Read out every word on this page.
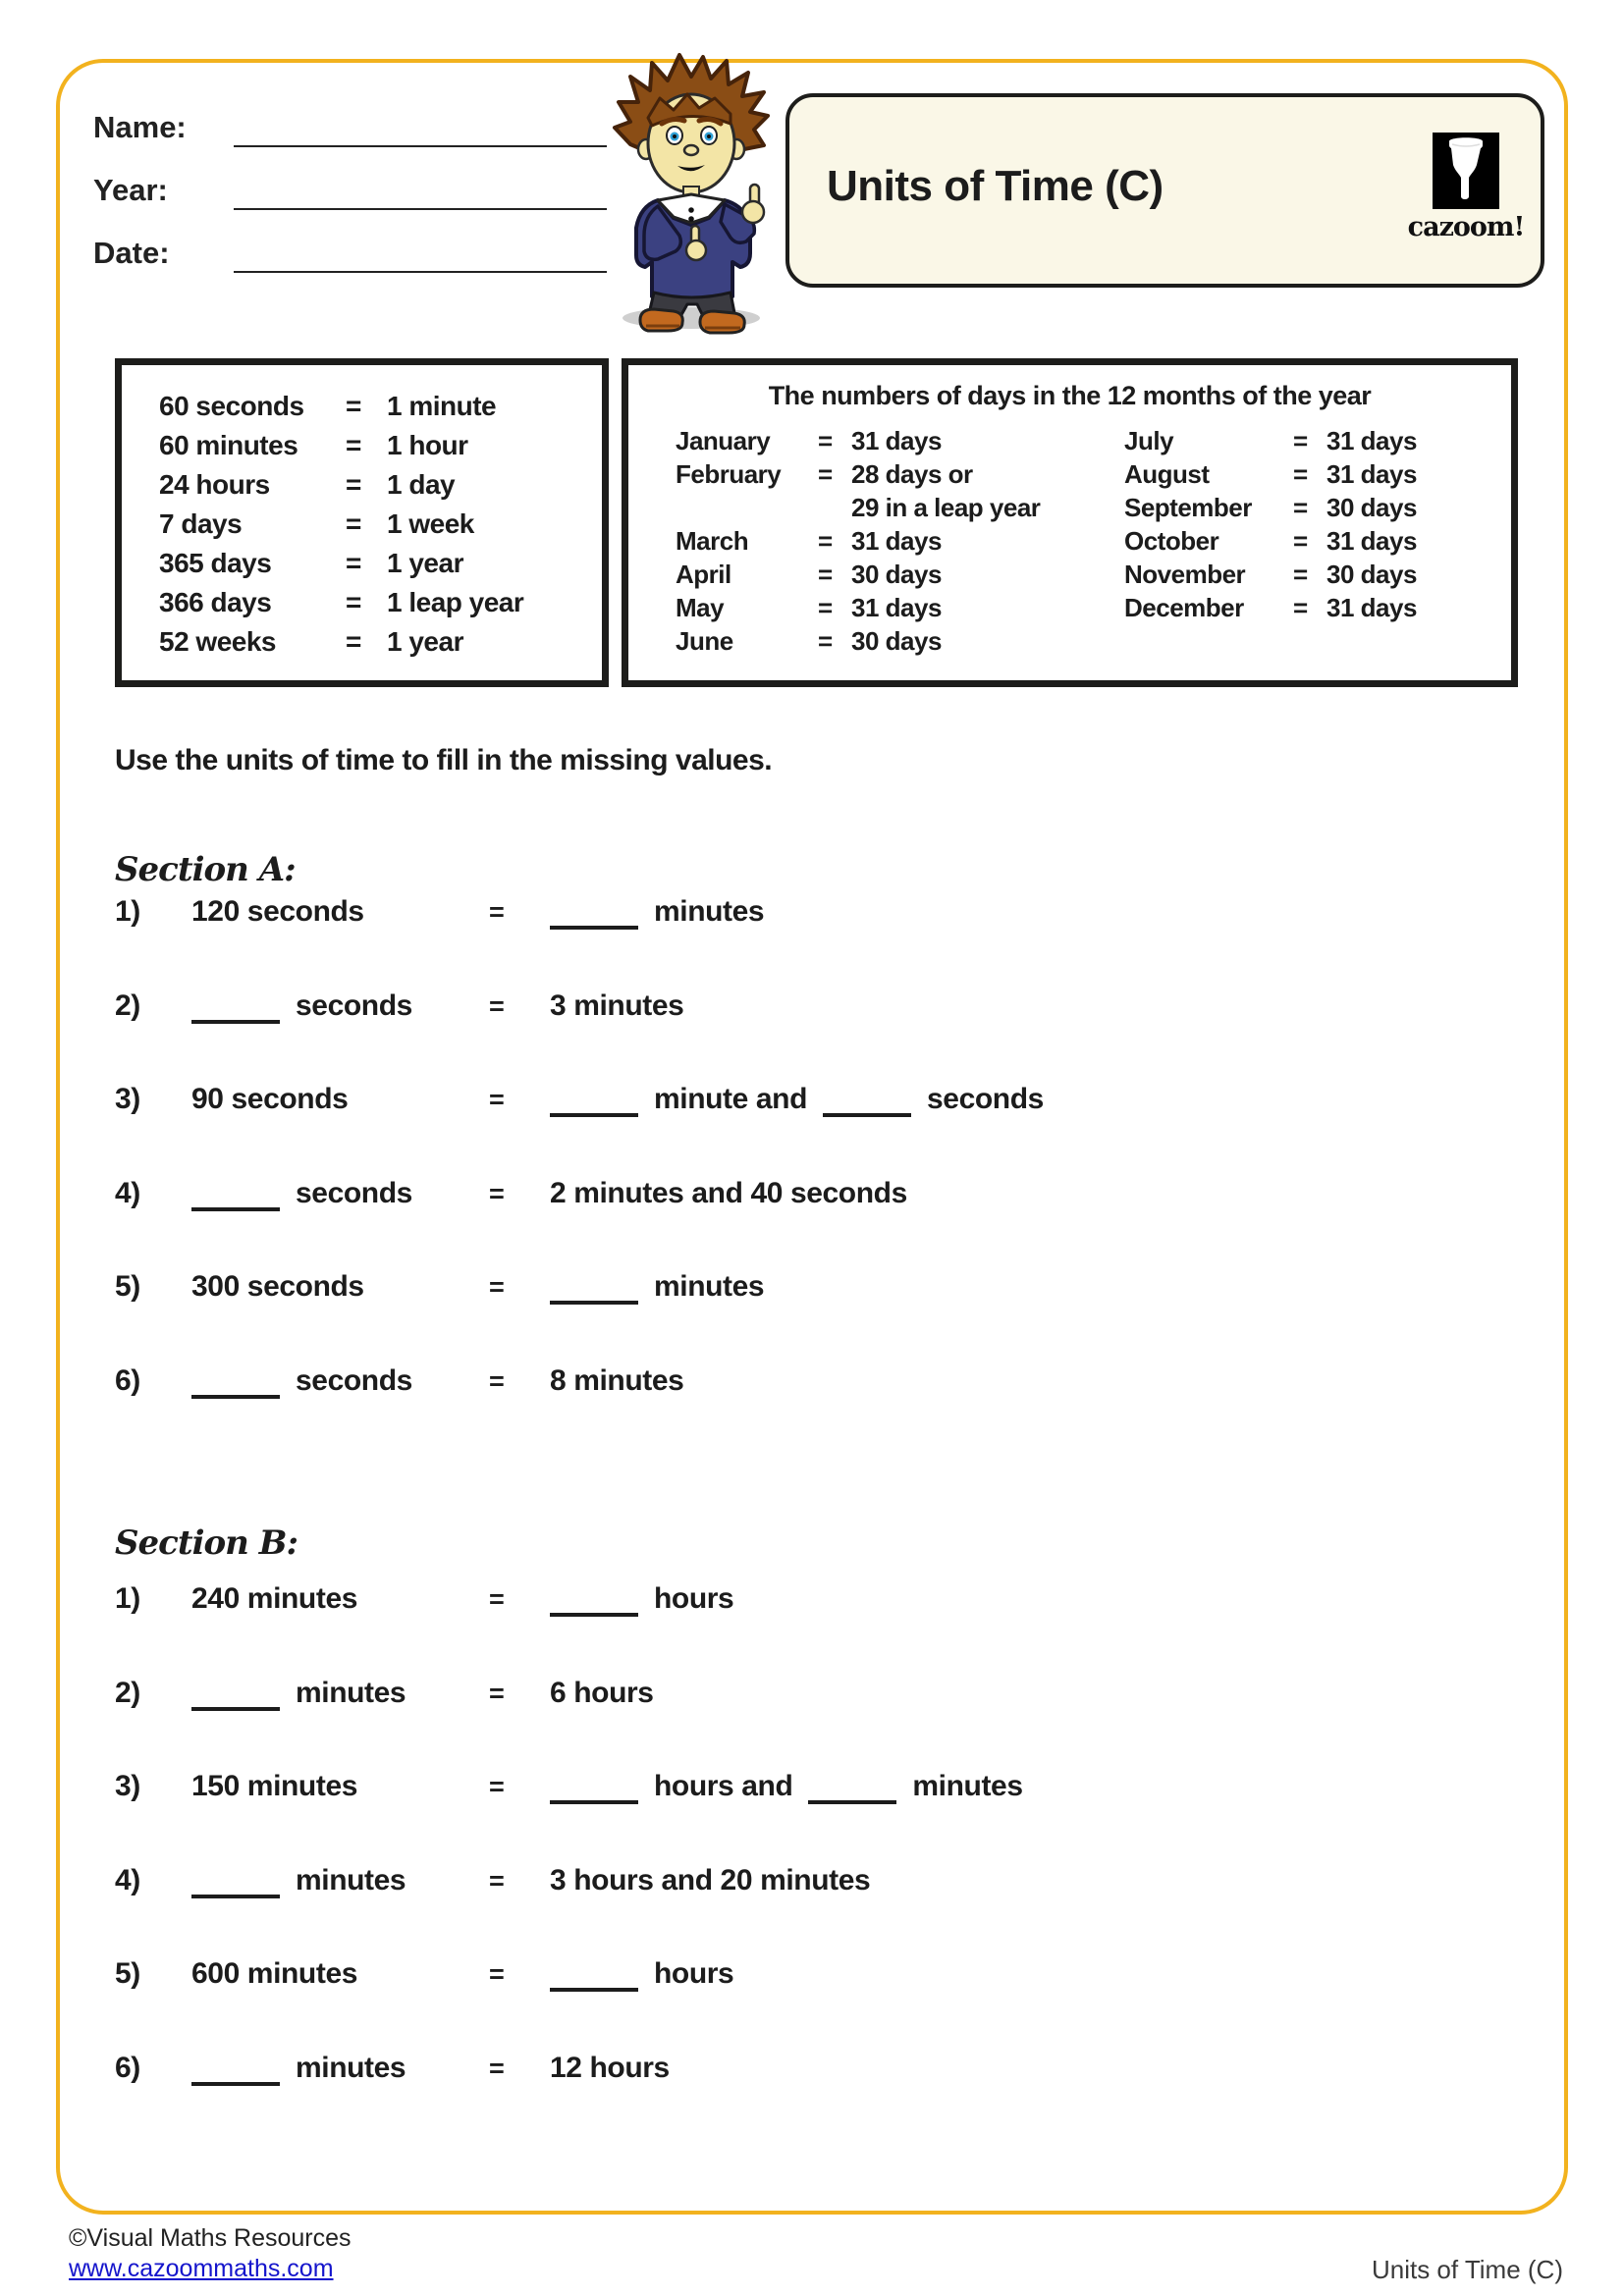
Name:
Year:
Date:
Units of Time (C)
cazoom!
60 seconds = 1 minute
60 minutes = 1 hour
24 hours	= 1 day
7 days	= 1 week
365 days	= 1 year
366 days	= 1 leap year
52 weeks	= 1 year
The numbers of days in the 12 months of the year
January = 31 days
February = 28 days or
29 in a leap year
March	= 31 days
April	= 30 days
May	= 31 days
June	= 30 days
July	= 31 days
August	= 31 days
September = 30 days
October	= 31 days
November = 30 days
December = 31 days
Use the units of time to fill in the missing values.
Section A:
1) 120 seconds	=	minutes
2)	seconds	= 3 minutes
3) 90 seconds	=	minute and	seconds
4)	seconds	= 2 minutes and 40 seconds
5) 300 seconds	=	minutes
6)	seconds	= 8 minutes
Section B:
1) 240 minutes	=	hours
2)	minutes	= 6 hours
3) 150 minutes	=	hours and	minutes
4)	minutes	= 3 hours and 20 minutes
5) 600 minutes	=	hours
6)	minutes	= 12 hours
©Visual Maths Resources
www.cazoommaths.com	Units of Time (C)
